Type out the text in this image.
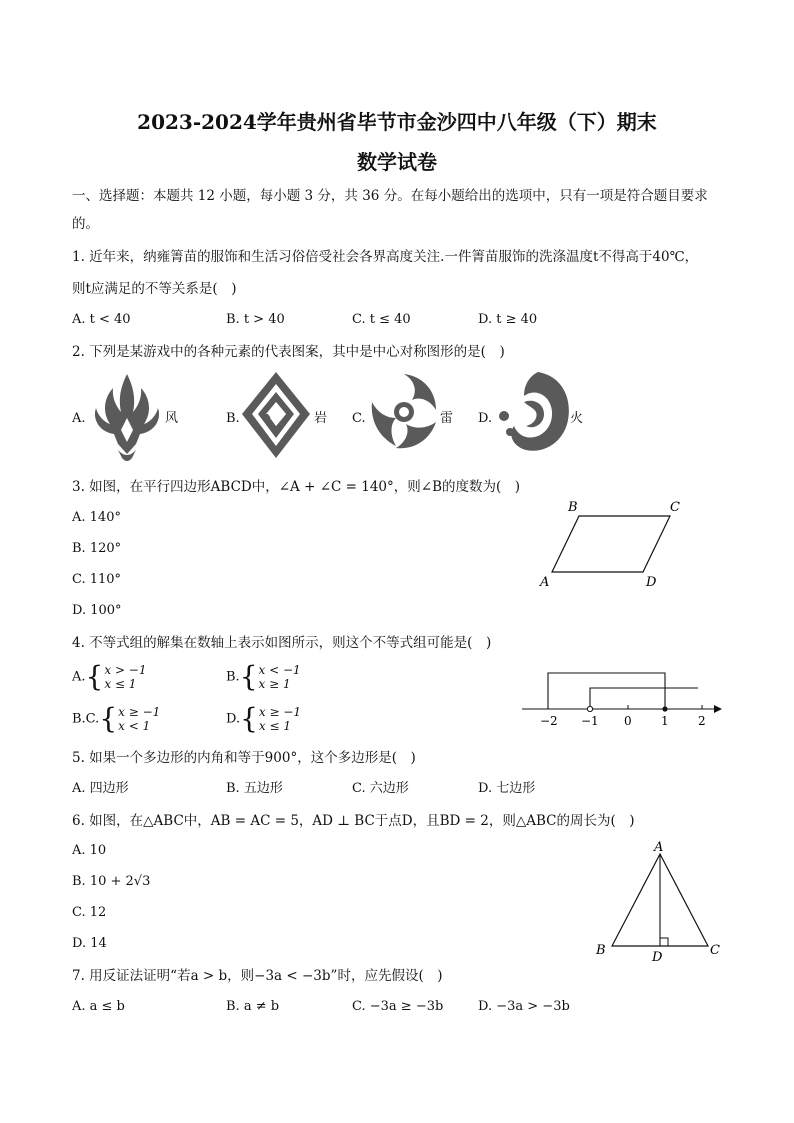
2023-2024学年贵州省毕节市金沙四中八年级（下）期末
数学试卷
一、选择题：本题共 12 小题，每小题 3 分，共 36 分。在每小题给出的选项中，只有一项是符合题目要求
的。
1. 近年来，纳雍箐苗的服饰和生活习俗倍受社会各界高度关注.一件箐苗服饰的洗涤温度t不得高于40℃，
则t应满足的不等关系是(　)
A. t < 40	B. t > 40	C. t ≤ 40	D. t ≥ 40
2. 下列是某游戏中的各种元素的代表图案，其中是中心对称图形的是(　)
A.	风	B.	岩 C.	雷 D.	火
3. 如图，在平行四边形ABCD中，∠A + ∠C = 140°，则∠B的度数为(　)
A. 140°
B. 120°
C. 110°
D. 100°
B	C
A	D
4. 不等式组的解集在数轴上表示如图所示，则这个不等式组可能是(　)
A. { x > −1
x ≤ 1	B. { x < −1
x ≥ 1
B.C. { x ≥ −1
x < 1	D. { x ≥ −1
x ≤ 1	−2 −1 0 1 2
5. 如果一个多边形的内角和等于900°，这个多边形是(　)
A. 四边形	B. 五边形	C. 六边形	D. 七边形
6. 如图，在△ABC中，AB = AC = 5，AD ⊥ BC于点D，且BD = 2，则△ABC的周长为(　)
A. 10
B. 10 + 2√3
C. 12
D. 14
A
B	C
D
7. 用反证法证明“若a > b，则−3a < −3b”时，应先假设(　)
A. a ≤ b	B. a ≠ b	C. −3a ≥ −3b	D. −3a > −3b
